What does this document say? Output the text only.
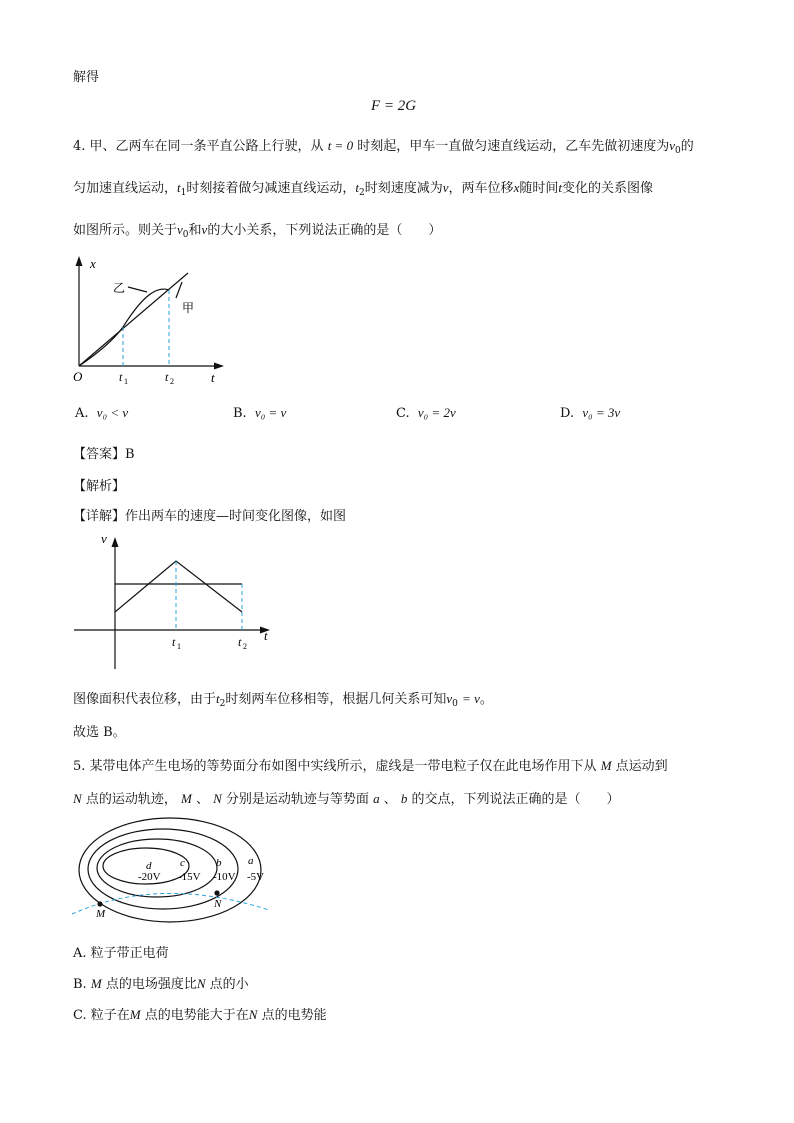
解得
F = 2G
4. 甲、乙两车在同一条平直公路上行驶，从 t = 0 时刻起，甲车一直做匀速直线运动，乙车先做初速度为$v_0$的
匀加速直线运动，$t_1$时刻接着做匀减速直线运动，$t_2$时刻速度减为v，两车位移x随时间t变化的关系图像
如图所示。则关于$v_0$和v的大小关系，下列说法正确的是（　　）
x
O	t 1	t 2	t
乙
甲
v
t
t 1	t 2
M
N
d	c	b a
-20V -15V -10V -5V
A. v₀ < v	B. v₀ = v	C. v₀ = 2v	D. v₀ = 3v
【答案】B
【解析】
【详解】作出两车的速度—时间变化图像，如图
图像面积代表位移，由于$t_2$时刻两车位移相等，根据几何关系可知$v_0 = v$。
故选 B。
5. 某带电体产生电场的等势面分布如图中实线所示，虚线是一带电粒子仅在此电场作用下从 M 点运动到
N 点的运动轨迹， M 、 N 分别是运动轨迹与等势面 a 、 b 的交点，下列说法正确的是（　　）
A. 粒子带正电荷
B. M 点的电场强度比N 点的小
C. 粒子在M 点的电势能大于在N 点的电势能
